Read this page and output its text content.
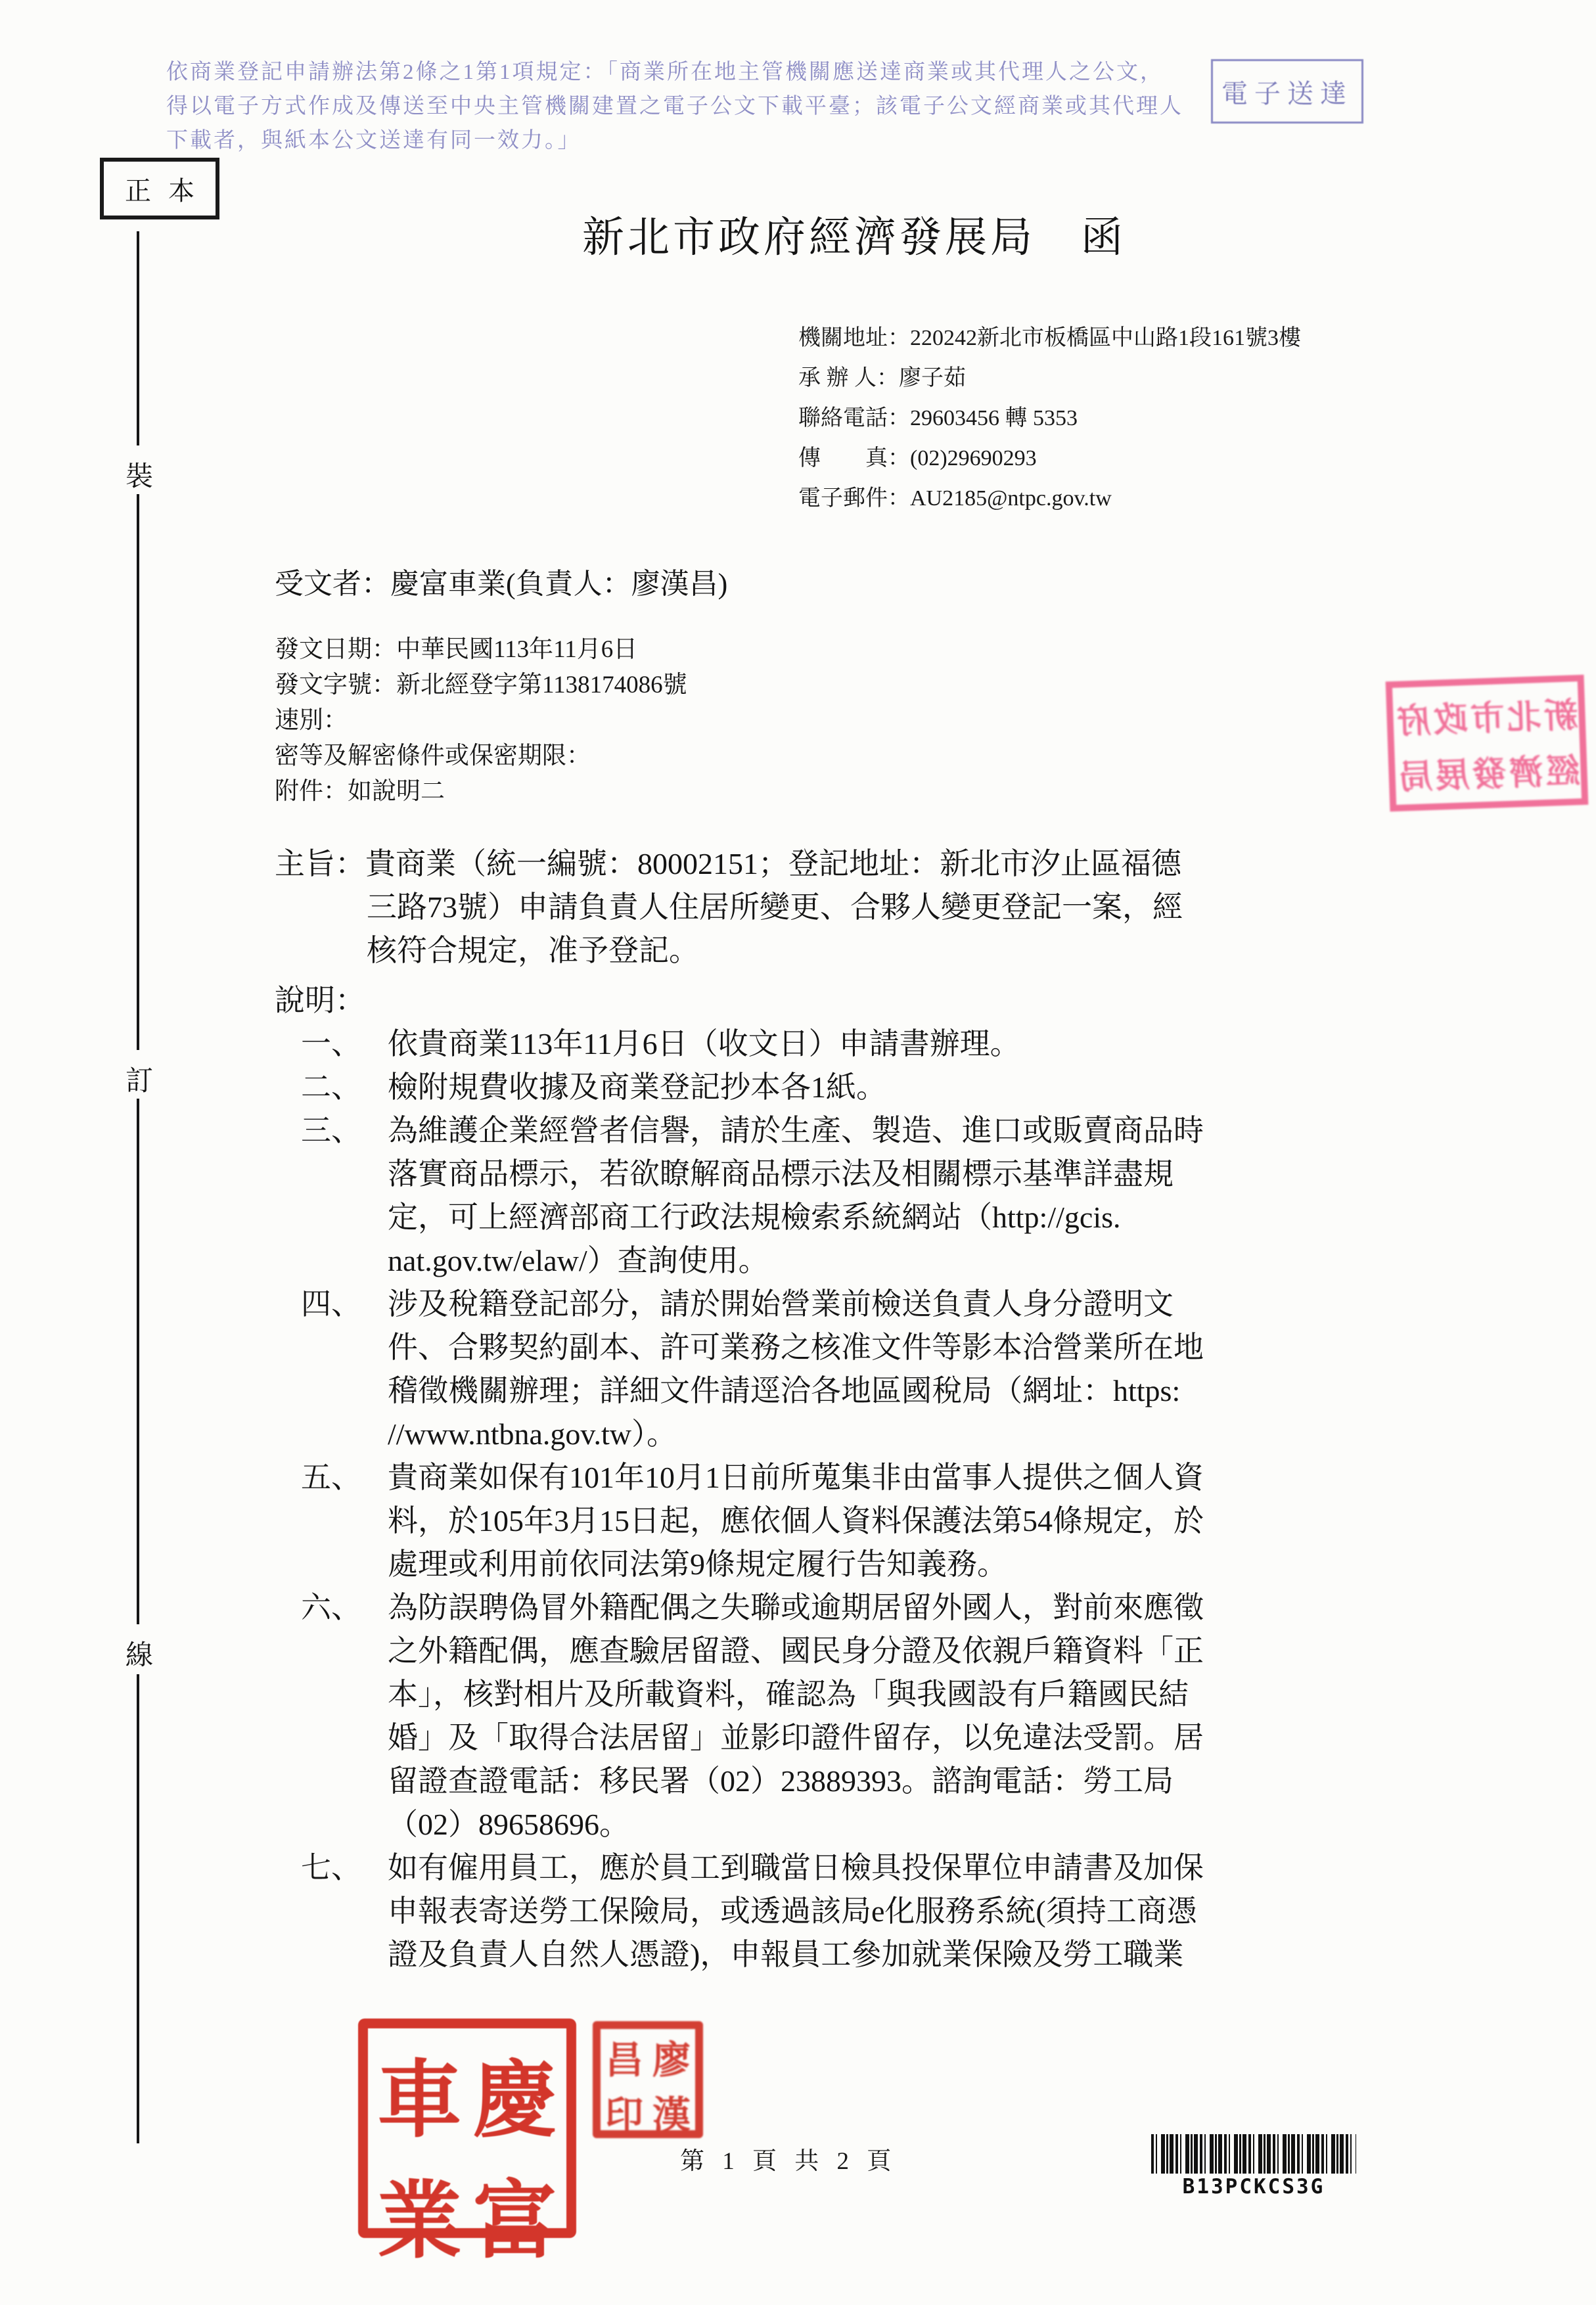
依商業登記申請辦法第2條之1第1項規定：「商業所在地主管機關應送達商業或其代理人之公文，
得以電子方式作成及傳送至中央主管機關建置之電子公文下載平臺；該電子公文經商業或其代理人
下載者，與紙本公文送達有同一效力。」
電子送達
正本
新北市政府經濟發展局　函
裝
訂
線
機關地址：220242新北市板橋區中山路1段161號3樓
承 辦 人：廖子茹
聯絡電話：29603456 轉 5353
傳　　真：(02)29690293
電子郵件：AU2185@ntpc.gov.tw
受文者：慶富車業(負責人：廖漢昌)
發文日期：中華民國113年11月6日
發文字號：新北經登字第1138174086號
速別：
密等及解密條件或保密期限：
附件：如說明二
主旨：貴商業（統一編號：80002151；登記地址：新北市汐止區福德
三路73號）申請負責人住居所變更、合夥人變更登記一案，經
核符合規定，准予登記。
說明：
一、 依貴商業113年11月6日（收文日）申請書辦理。
二、 檢附規費收據及商業登記抄本各1紙。
三、 為維護企業經營者信譽，請於生產、製造、進口或販賣商品時
落實商品標示，若欲瞭解商品標示法及相關標示基準詳盡規
定，可上經濟部商工行政法規檢索系統網站（http://gcis.
nat.gov.tw/elaw/）查詢使用。
四、 涉及稅籍登記部分，請於開始營業前檢送負責人身分證明文
件、合夥契約副本、許可業務之核准文件等影本洽營業所在地
稽徵機關辦理；詳細文件請逕洽各地區國稅局（網址：https:
//www.ntbna.gov.tw）。
五、 貴商業如保有101年10月1日前所蒐集非由當事人提供之個人資
料，於105年3月15日起，應依個人資料保護法第54條規定，於
處理或利用前依同法第9條規定履行告知義務。
六、 為防誤聘偽冒外籍配偶之失聯或逾期居留外國人，對前來應徵
之外籍配偶，應查驗居留證、國民身分證及依親戶籍資料「正
本」，核對相片及所載資料，確認為「與我國設有戶籍國民結
婚」及「取得合法居留」並影印證件留存，以免違法受罰。居
留證查證電話：移民署（02）23889393。諮詢電話：勞工局
（02）89658696。
七、 如有僱用員工，應於員工到職當日檢具投保單位申請書及加保
申報表寄送勞工保險局，或透過該局e化服務系統(須持工商憑
證及負責人自然人憑證)，申報員工參加就業保險及勞工職業
車 慶
業 富
昌 廖
印 漢
新北市政府
經濟發展局
第 1 頁 共 2 頁
B13PCKCS3G
